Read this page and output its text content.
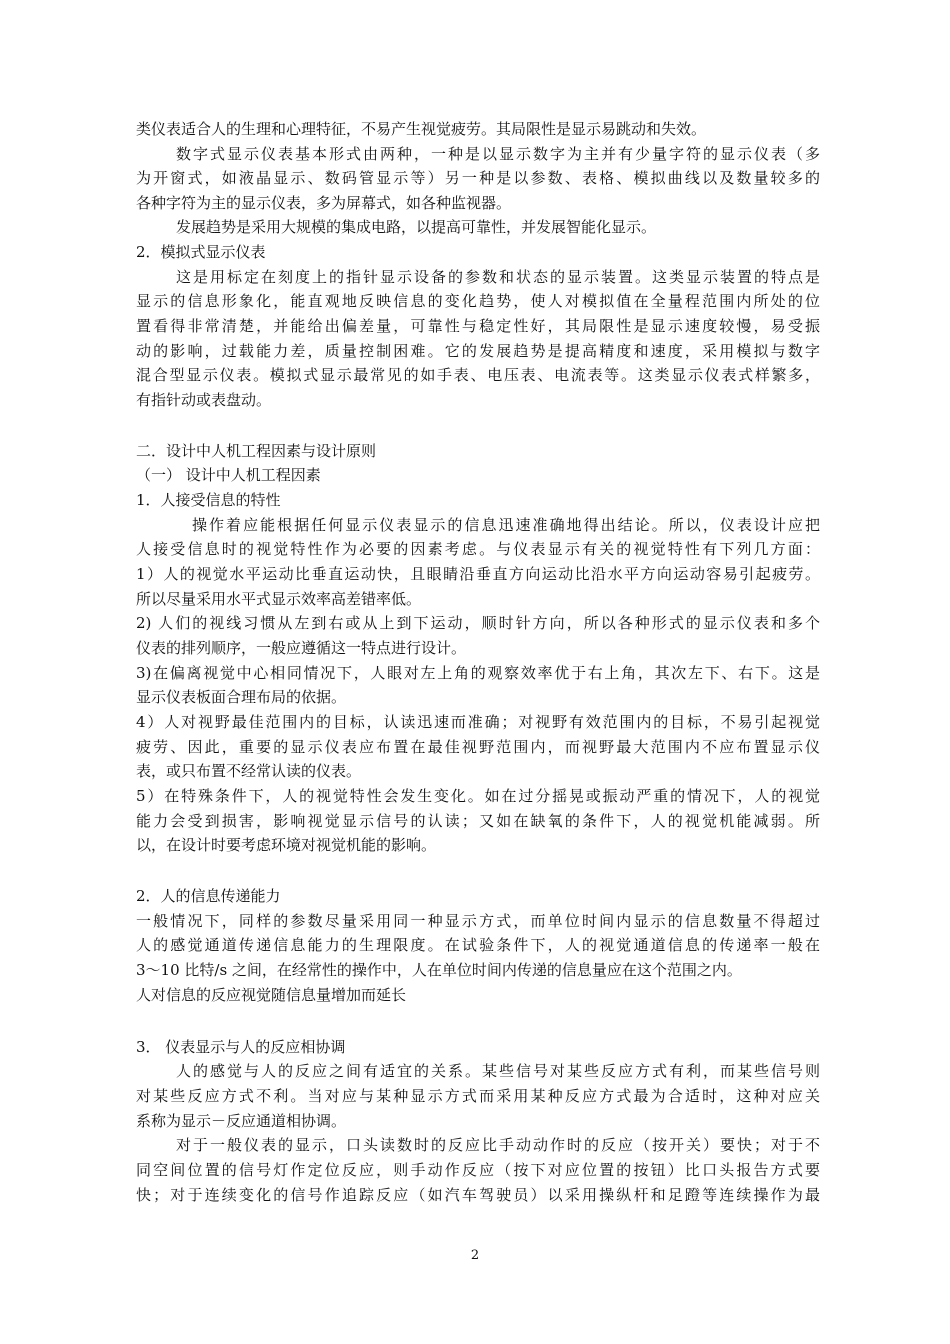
类仪表适合人的生理和心理特征，不易产生视觉疲劳。其局限性是显示易跳动和失效。
数字式显示仪表基本形式由两种，一种是以显示数字为主并有少量字符的显示仪表（多
为开窗式，如液晶显示、数码管显示等）另一种是以参数、表格、模拟曲线以及数量较多的
各种字符为主的显示仪表，多为屏幕式，如各种监视器。
发展趋势是采用大规模的集成电路，以提高可靠性，并发展智能化显示。
2．模拟式显示仪表
这是用标定在刻度上的指针显示设备的参数和状态的显示装置。这类显示装置的特点是
显示的信息形象化，能直观地反映信息的变化趋势，使人对模拟值在全量程范围内所处的位
置看得非常清楚，并能给出偏差量，可靠性与稳定性好，其局限性是显示速度较慢，易受振
动的影响，过载能力差，质量控制困难。它的发展趋势是提高精度和速度，采用模拟与数字
混合型显示仪表。模拟式显示最常见的如手表、电压表、电流表等。这类显示仪表式样繁多，
有指针动或表盘动。
二．设计中人机工程因素与设计原则
（一） 设计中人机工程因素
1．人接受信息的特性
操作着应能根据任何显示仪表显示的信息迅速准确地得出结论。所以，仪表设计应把
人接受信息时的视觉特性作为必要的因素考虑。与仪表显示有关的视觉特性有下列几方面：
1）人的视觉水平运动比垂直运动快，且眼睛沿垂直方向运动比沿水平方向运动容易引起疲劳。
所以尽量采用水平式显示效率高差错率低。
2) 人们的视线习惯从左到右或从上到下运动，顺时针方向，所以各种形式的显示仪表和多个
仪表的排列顺序，一般应遵循这一特点进行设计。
3)在偏离视觉中心相同情况下，人眼对左上角的观察效率优于右上角，其次左下、右下。这是
显示仪表板面合理布局的依据。
4）人对视野最佳范围内的目标，认读迅速而准确；对视野有效范围内的目标，不易引起视觉
疲劳、因此，重要的显示仪表应布置在最佳视野范围内，而视野最大范围内不应布置显示仪
表，或只布置不经常认读的仪表。
5）在特殊条件下，人的视觉特性会发生变化。如在过分摇晃或振动严重的情况下，人的视觉
能力会受到损害，影响视觉显示信号的认读；又如在缺氧的条件下，人的视觉机能减弱。所
以，在设计时要考虑环境对视觉机能的影响。
2．人的信息传递能力
一般情况下，同样的参数尽量采用同一种显示方式，而单位时间内显示的信息数量不得超过
人的感觉通道传递信息能力的生理限度。在试验条件下，人的视觉通道信息的传递率一般在
3～10 比特/s 之间，在经常性的操作中，人在单位时间内传递的信息量应在这个范围之内。
人对信息的反应视觉随信息量增加而延长
3． 仪表显示与人的反应相协调
人的感觉与人的反应之间有适宜的关系。某些信号对某些反应方式有利，而某些信号则
对某些反应方式不利。当对应与某种显示方式而采用某种反应方式最为合适时，这种对应关
系称为显示－反应通道相协调。
对于一般仪表的显示，口头读数时的反应比手动动作时的反应（按开关）要快；对于不
同空间位置的信号灯作定位反应，则手动作反应（按下对应位置的按钮）比口头报告方式要
快；对于连续变化的信号作追踪反应（如汽车驾驶员）以采用操纵杆和足蹬等连续操作为最
2
